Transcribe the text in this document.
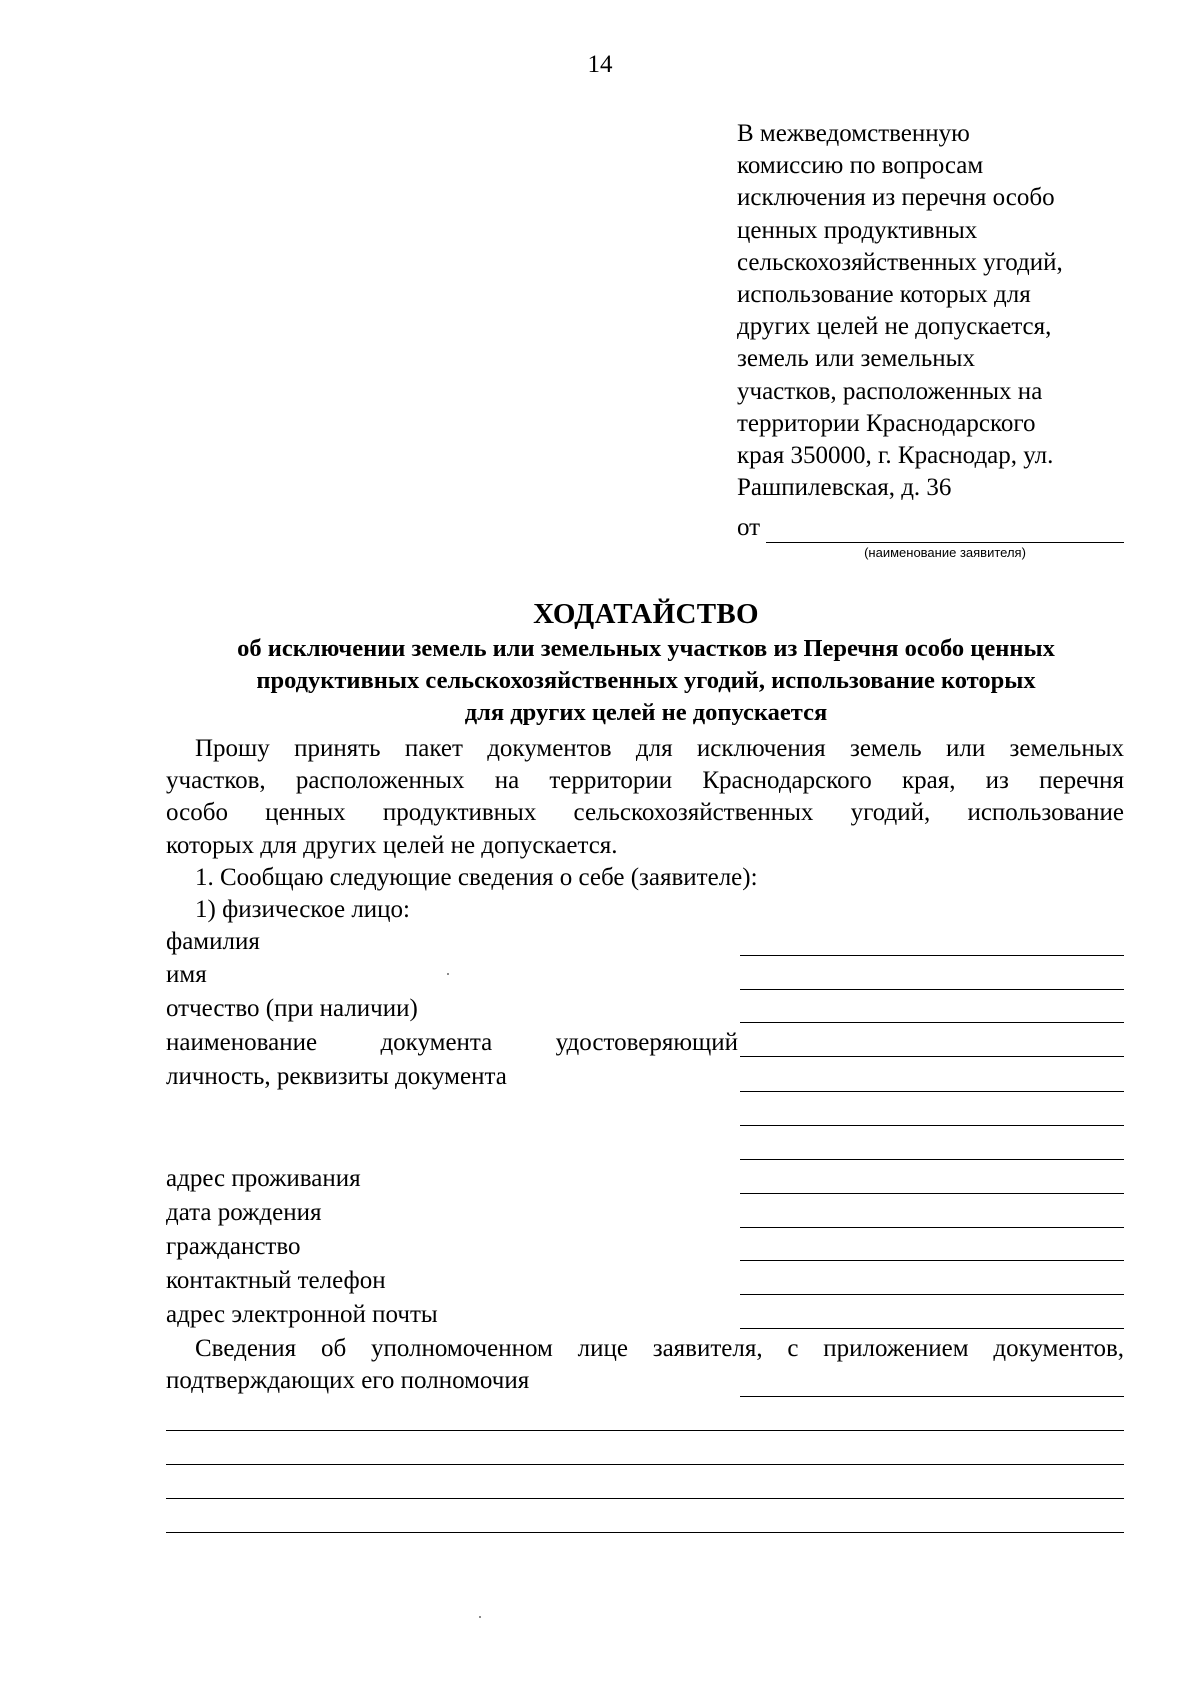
14
В межведомственную
комиссию по вопросам
исключения из перечня особо
ценных продуктивных
сельскохозяйственных угодий,
использование которых для
других целей не допускается,
земель или земельных
участков, расположенных на
территории Краснодарского
края 350000, г. Краснодар, ул.
Рашпилевская, д. 36
от
(наименование заявителя)
ХОДАТАЙСТВО
об исключении земель или земельных участков из Перечня особо ценных
продуктивных сельскохозяйственных угодий, использование которых
для других целей не допускается
Прошу принять пакет документов для исключения земель или земельных
участков, расположенных на территории Краснодарского края, из перечня
особо ценных продуктивных сельскохозяйственных угодий, использование
которых для других целей не допускается.
1. Сообщаю следующие сведения о себе (заявителе):
1) физическое лицо:
фамилия
имя
отчество (при наличии)
наименование	документа	удостоверяющий
личность, реквизиты документа
адрес проживания
дата рождения
гражданство
контактный телефон
адрес электронной почты
Сведения об уполномоченном лице заявителя, с приложением документов,
подтверждающих его полномочия
